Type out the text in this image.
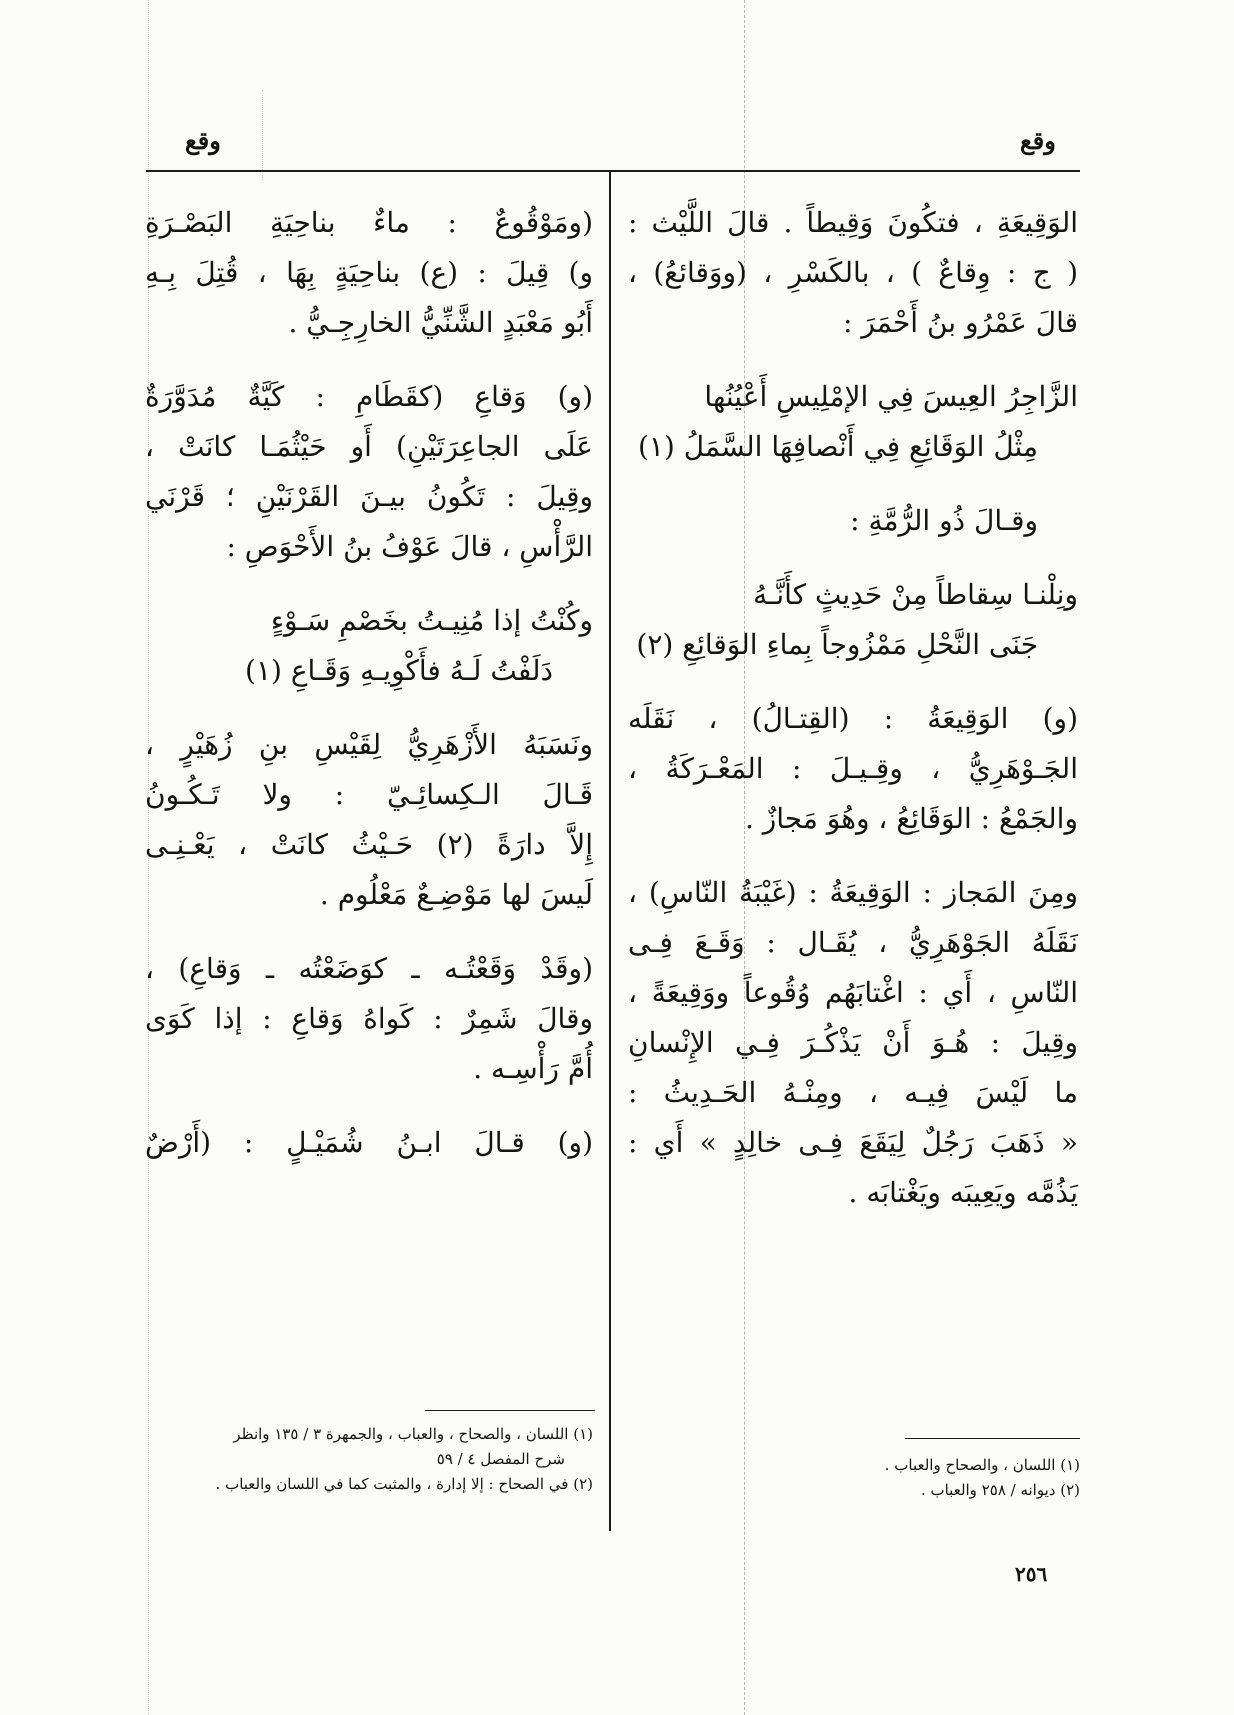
وقع
وقع
الوَقِيعَةِ ، فتكُونَ وَقِيطاً . قالَ اللَّيْث :
( ج : وِقاعٌ ) ، بالكَسْرِ ، (ووَقائعُ) ،
قالَ عَمْرُو بنُ أَحْمَرَ :
الزَّاجِرُ العِيسَ فِي الإمْلِيسِ أَعْيُنُها
مِثْلُ الوَقَائِعِ فِي أَنْصافِهَا السَّمَلُ (١)
وقـالَ ذُو الرُّمَّةِ :
ونِلْنـا سِقاطاً مِنْ حَدِيثٍ كأَنَّـهُ
جَنَى النَّحْلِ مَمْزُوجاً بِماءِ الوَقائِعِ (٢)
(و) الوَقِيعَةُ : (القِتـالُ) ، نَقَلَه
الجَـوْهَرِيُّ ، وقِـيـلَ : المَعْـرَكَةُ ،
والجَمْعُ : الوَقَائِعُ ، وهُوَ مَجازٌ .
ومِنَ المَجاز : الوَقِيعَةُ : (غَيْبَةُ النّاسِ) ،
نَقَلَهُ الجَوْهَرِيُّ ، يُقَـال : وَقَـعَ فِـى
النّاسِ ، أَي : اغْتابَهُم وُقُوعاً ووَقِيعَةً ،
وقِيلَ : هُـوَ أَنْ يَذْكُـرَ فِـي الإِنْسانِ
ما لَيْسَ فِيـه ، ومِنْـهُ الحَـدِيثُ :
« ذَهَبَ رَجُلٌ لِيَقَعَ فِـى خالِدٍ » أَي :
يَذُمَّه ويَعِيبَه ويَغْتابَه .
(ومَوْقُوعٌ : ماءٌ بناحِيَةِ البَصْـرَةِ
و) قِيلَ : (ع) بناحِيَةٍ بِهَا ، قُتِلَ بِـهِ
أَبُو مَعْبَدٍ الشَّنِّيُّ الخارِجِـيُّ .
(و) وَقاعِ (كقَطَامِ : كَيَّةٌ مُدَوَّرَةٌ
عَلَى الجاعِرَتَيْنِ) أَو حَيْثُمَـا كانَتْ ،
وقِيلَ : تَكُونُ بيـنَ القَرْنَيْنِ ؛ قَرْنَي
الرَّأْسِ ، قالَ عَوْفُ بنُ الأَحْوَصِ :
وكُنْتُ إذا مُنِيـتُ بخَصْمِ سَـوْءٍ
دَلَفْتُ لَـهُ فأَكْوِيـهِ وَقَـاعِ (١)
ونَسَبَهُ الأَزْهَرِيُّ لِقَيْسِ بنِ زُهَيْرٍ ،
قَـالَ الـكِسائِـيّ : ولا تَـكُـونُ
إِلاَّ دارَةً (٢) حَـيْثُ كانَتْ ، يَعْـنِـى
لَيسَ لها مَوْضِـعٌ مَعْلُوم .
(وقَدْ وَقَعْتُـه ـ كوَضَعْتُه ـ وَقاعِ) ،
وقالَ شَمِرٌ : كَواهُ وَقاعِ : إذا كَوَى
أُمَّ رَأْسِـه .
(و) قـالَ ابـنُ شُمَيْـلٍ : (أَرْضٌ
(١) اللسان ، والصحاح ، والعباب ، والجمهرة ٣ / ١٣٥ وانظر
شرح المفصل ٤ / ٥٩
(٢) في الصحاح : إلا إدارة ، والمثبت كما في اللسان والعباب .
(١) اللسان ، والصحاح والعباب .
(٢) ديوانه / ٢٥٨ والعباب .
٢٥٦
